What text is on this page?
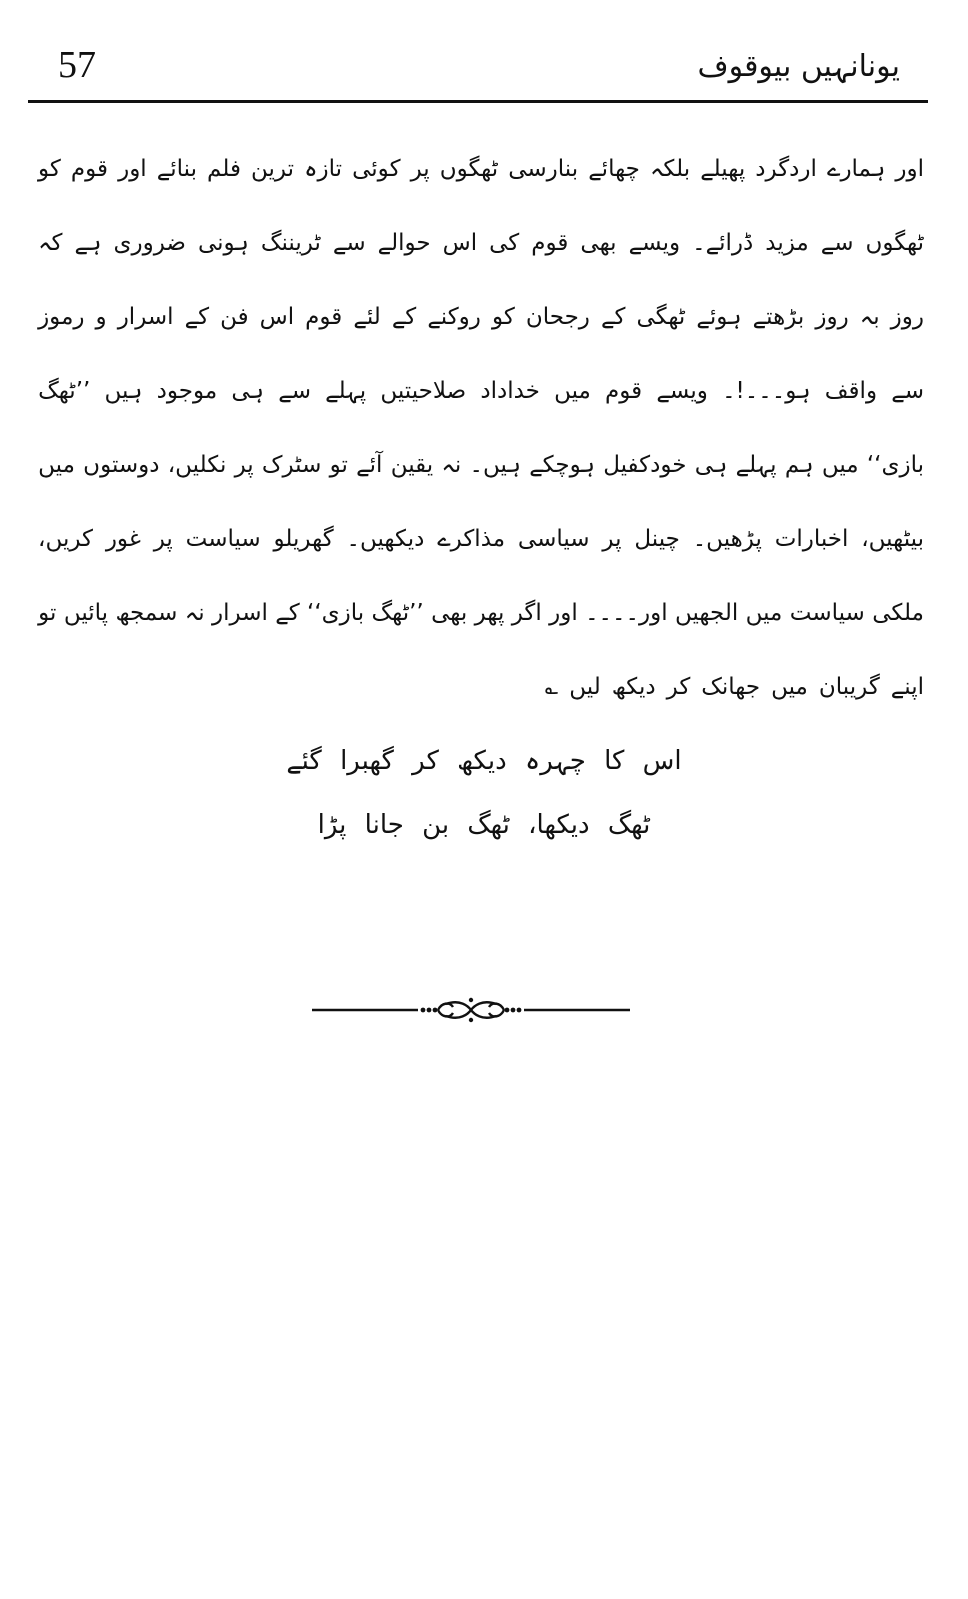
57	یونانہیں بیوقوف
اور
ہمارے
اردگرد
پھیلے
بلکہ
چھائے
بنارسی
ٹھگوں
پر
کوئی
تازہ
ترین
فلم
بنائے
اور
قوم
کو
ٹھگوں
سے
مزید
ڈرائے۔
ویسے
بھی
قوم
کی
اس
حوالے
سے
ٹریننگ
ہونی
ضروری
ہے
کہ
روز
بہ
روز
بڑھتے
ہوئے
ٹھگی
کے
رجحان
کو
روکنے
کے
لئے
قوم
اس
فن
کے
اسرار
و
رموز
سے
واقف
ہو۔۔۔!۔
ویسے
قوم
میں
خداداد
صلاحیتیں
پہلے
سے
ہی
موجود
ہیں
’’ٹھگ
بازی‘‘
میں
ہم
پہلے
ہی
خودکفیل
ہوچکے
ہیں۔
نہ
یقین
آئے
تو
سٹرک
پر
نکلیں،
دوستوں
میں
بیٹھیں،
اخبارات
پڑھیں۔
چینل
پر
سیاسی
مذاکرے
دیکھیں۔
گھریلو
سیاست
پر
غور
کریں،
ملکی
سیاست
میں
الجھیں
اور۔۔۔۔
اور
اگر
پھر
بھی
’’ٹھگ
بازی‘‘
کے
اسرار
نہ
سمجھ
پائیں
تو
اپنے
گریبان
میں
جھانک
کر
دیکھ
لیں
؎
اس کا چہرہ دیکھ کر گھبرا گئے
ٹھگ دیکھا، ٹھگ بن جانا پڑا
